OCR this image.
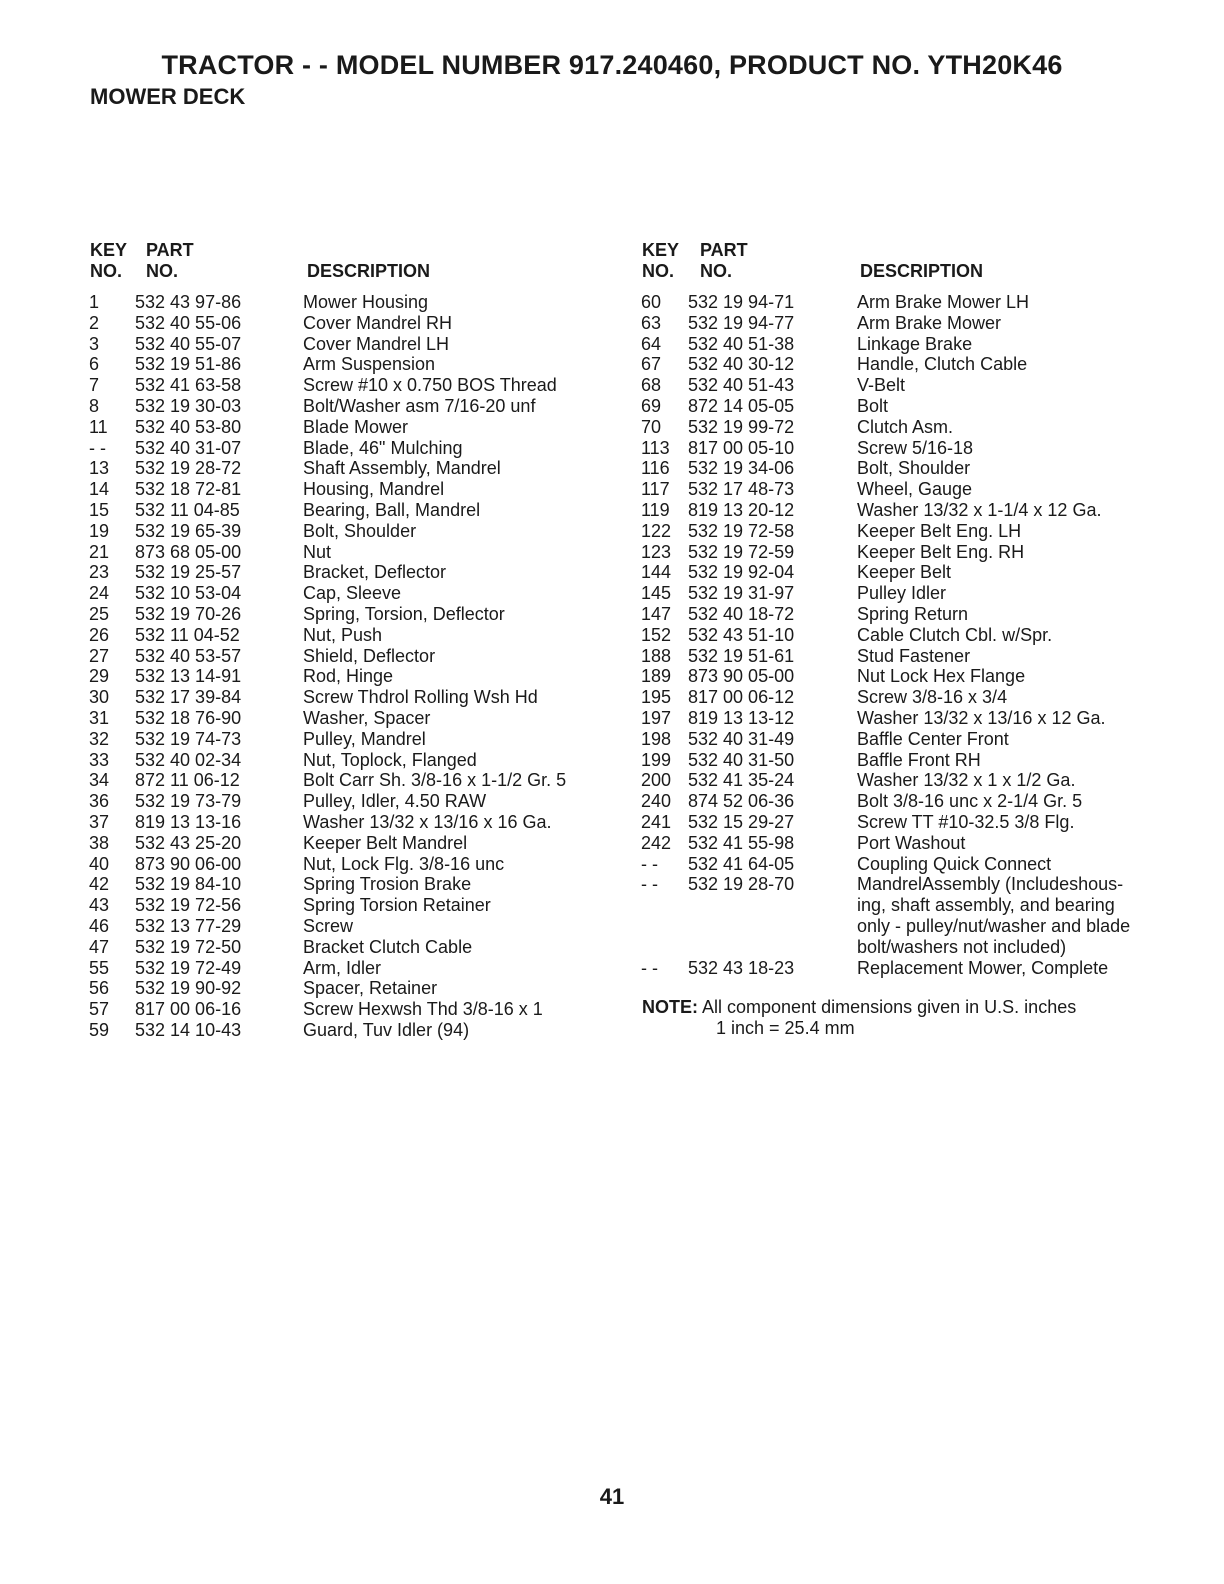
TRACTOR - - MODEL NUMBER 917.240460, PRODUCT NO. YTH20K46
MOWER DECK
KEY
NO.
PART
NO.	DESCRIPTION
KEY
NO.
PART
NO.	DESCRIPTION
1 532 43 97-86	Mower Housing
2 532 40 55-06	Cover Mandrel RH
3 532 40 55-07	Cover Mandrel LH
6 532 19 51-86	Arm Suspension
7 532 41 63-58	Screw #10 x 0.750 BOS Thread
8 532 19 30-03	Bolt/Washer asm 7/16-20 unf
11 532 40 53-80	Blade Mower
- - 532 40 31-07	Blade, 46" Mulching
13 532 19 28-72	Shaft Assembly, Mandrel
14 532 18 72-81	Housing, Mandrel
15 532 11 04-85	Bearing, Ball, Mandrel
19 532 19 65-39	Bolt, Shoulder
21 873 68 05-00	Nut
23 532 19 25-57	Bracket, Deflector
24 532 10 53-04	Cap, Sleeve
25 532 19 70-26	Spring, Torsion, Deflector
26 532 11 04-52	Nut, Push
27 532 40 53-57	Shield, Deflector
29 532 13 14-91	Rod, Hinge
30 532 17 39-84	Screw Thdrol Rolling Wsh Hd
31 532 18 76-90	Washer, Spacer
32 532 19 74-73	Pulley, Mandrel
33 532 40 02-34	Nut, Toplock, Flanged
34 872 11 06-12	Bolt Carr Sh. 3/8-16 x 1-1/2 Gr. 5
36 532 19 73-79	Pulley, Idler, 4.50 RAW
37 819 13 13-16	Washer 13/32 x 13/16 x 16 Ga.
38 532 43 25-20	Keeper Belt Mandrel
40 873 90 06-00	Nut, Lock Flg. 3/8-16 unc
42 532 19 84-10	Spring Trosion Brake
43 532 19 72-56	Spring Torsion Retainer
46 532 13 77-29	Screw
47 532 19 72-50	Bracket Clutch Cable
55 532 19 72-49	Arm, Idler
56 532 19 90-92	Spacer, Retainer
57 817 00 06-16	Screw Hexwsh Thd 3/8-16 x 1
59 532 14 10-43	Guard, Tuv Idler (94)
60 532 19 94-71	Arm Brake Mower LH
63 532 19 94-77	Arm Brake Mower
64 532 40 51-38	Linkage Brake
67 532 40 30-12	Handle, Clutch Cable
68 532 40 51-43	V-Belt
69 872 14 05-05	Bolt
70 532 19 99-72	Clutch Asm.
113 817 00 05-10	Screw 5/16-18
116 532 19 34-06	Bolt, Shoulder
117 532 17 48-73	Wheel, Gauge
119 819 13 20-12	Washer 13/32 x 1-1/4 x 12 Ga.
122 532 19 72-58	Keeper Belt Eng. LH
123 532 19 72-59	Keeper Belt Eng. RH
144 532 19 92-04	Keeper Belt
145 532 19 31-97	Pulley Idler
147 532 40 18-72	Spring Return
152 532 43 51-10	Cable Clutch Cbl. w/Spr.
188 532 19 51-61	Stud Fastener
189 873 90 05-00	Nut Lock Hex Flange
195 817 00 06-12	Screw 3/8-16 x 3/4
197 819 13 13-12	Washer 13/32 x 13/16 x 12 Ga.
198 532 40 31-49	Baffle Center Front
199 532 40 31-50	Baffle Front RH
200 532 41 35-24	Washer 13/32 x 1 x 1/2 Ga.
240 874 52 06-36	Bolt 3/8-16 unc x 2-1/4 Gr. 5
241 532 15 29-27	Screw TT #10-32.5 3/8 Flg.
242 532 41 55-98	Port Washout
- - 532 41 64-05	Coupling Quick Connect
- - 532 19 28-70	MandrelAssembly (Includeshous-
ing, shaft assembly, and bearing
only - pulley/nut/washer and blade
bolt/washers not included)
- - 532 43 18-23	Replacement Mower, Complete
NOTE: All component dimensions given in U.S. inches
1 inch = 25.4 mm
41
